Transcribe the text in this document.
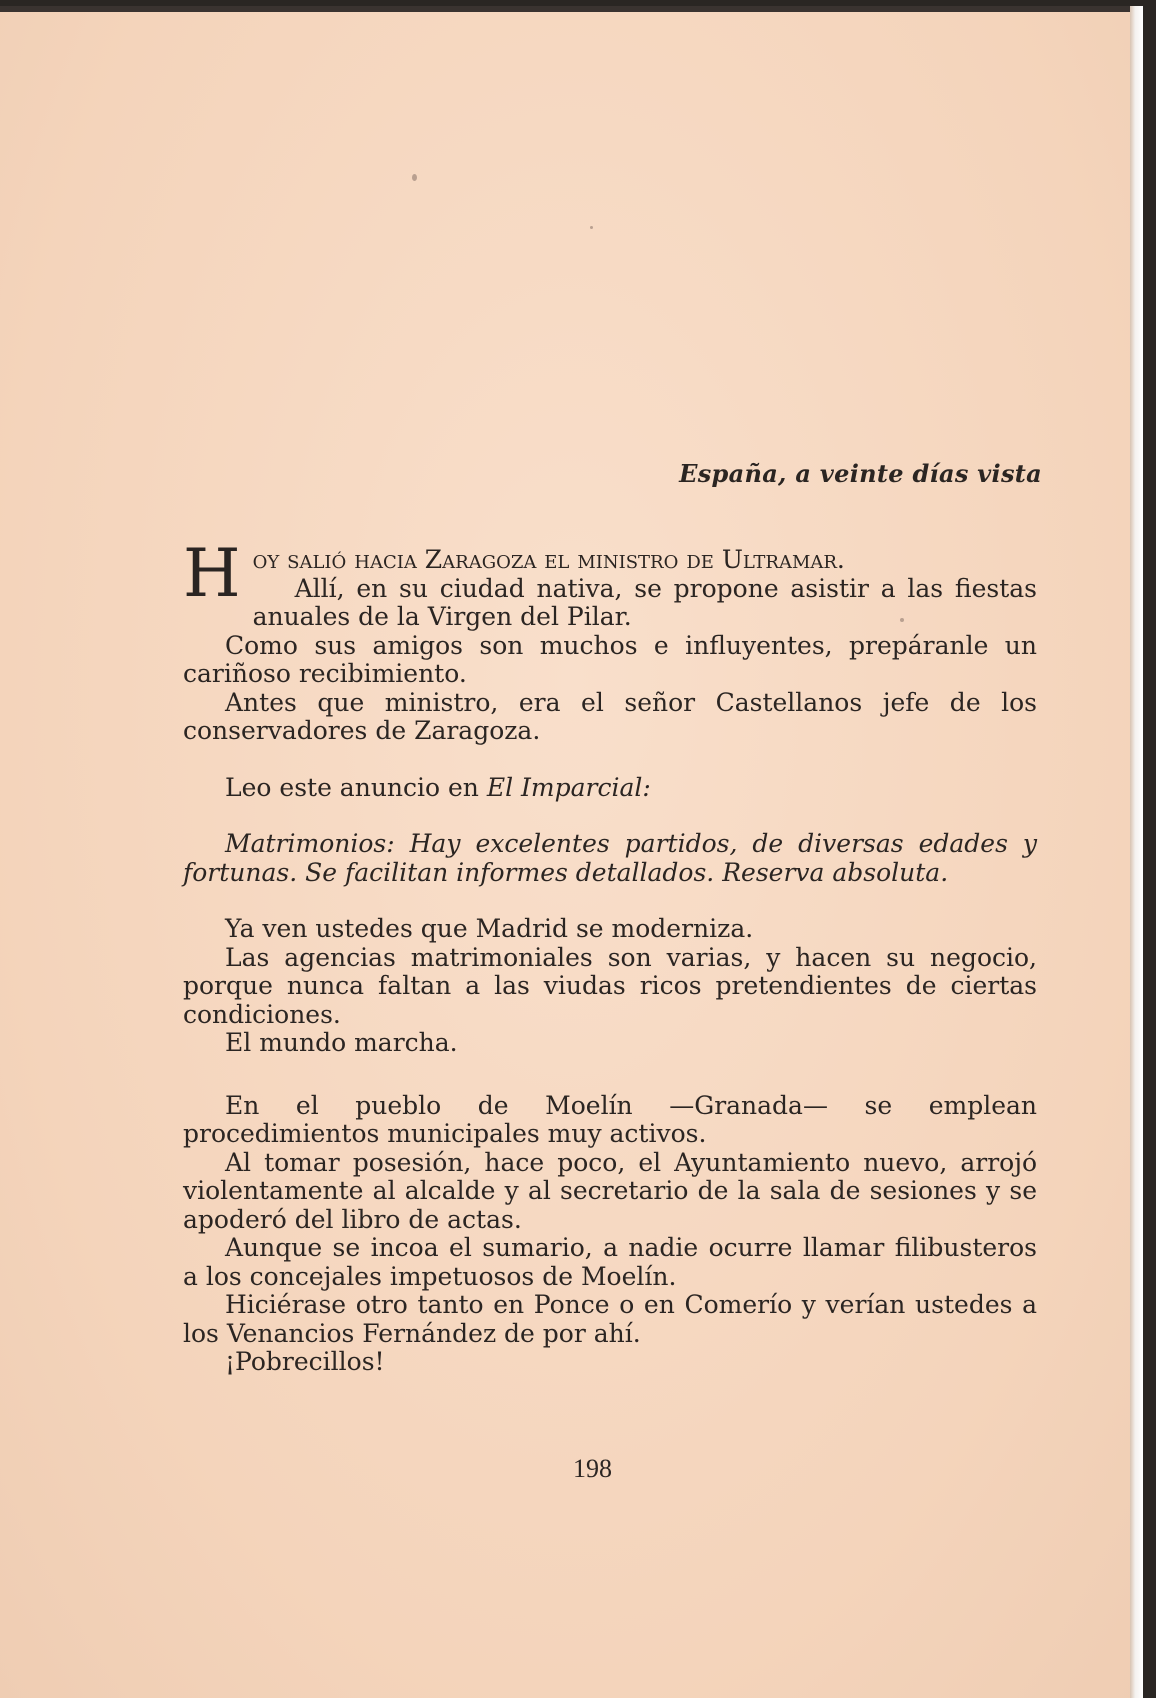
España, a veinte días vista

Hoy salió hacia Zaragoza el ministro de Ultramar.

Allí, en su ciudad nativa, se propone asistir a las fiestas anuales de la Virgen del Pilar.

Como sus amigos son muchos e influyentes, prepáranle un cariñoso recibimiento.

Antes que ministro, era el señor Castellanos jefe de los conservadores de Zaragoza.

Leo este anuncio en El Imparcial:

Matrimonios: Hay excelentes partidos, de diversas edades y fortunas. Se facilitan informes detallados. Reserva absoluta.

Ya ven ustedes que Madrid se moderniza.

Las agencias matrimoniales son varias, y hacen su negocio, porque nunca faltan a las viudas ricos pretendientes de ciertas condiciones.

El mundo marcha.

En el pueblo de Moelín —Granada— se emplean procedimientos municipales muy activos.

Al tomar posesión, hace poco, el Ayuntamiento nuevo, arrojó violentamente al alcalde y al secretario de la sala de sesiones y se apoderó del libro de actas.

Aunque se incoa el sumario, a nadie ocurre llamar filibusteros a los concejales impetuosos de Moelín.

Hiciérase otro tanto en Ponce o en Comerío y verían ustedes a los Venancios Fernández de por ahí.

¡Pobrecillos!

198
